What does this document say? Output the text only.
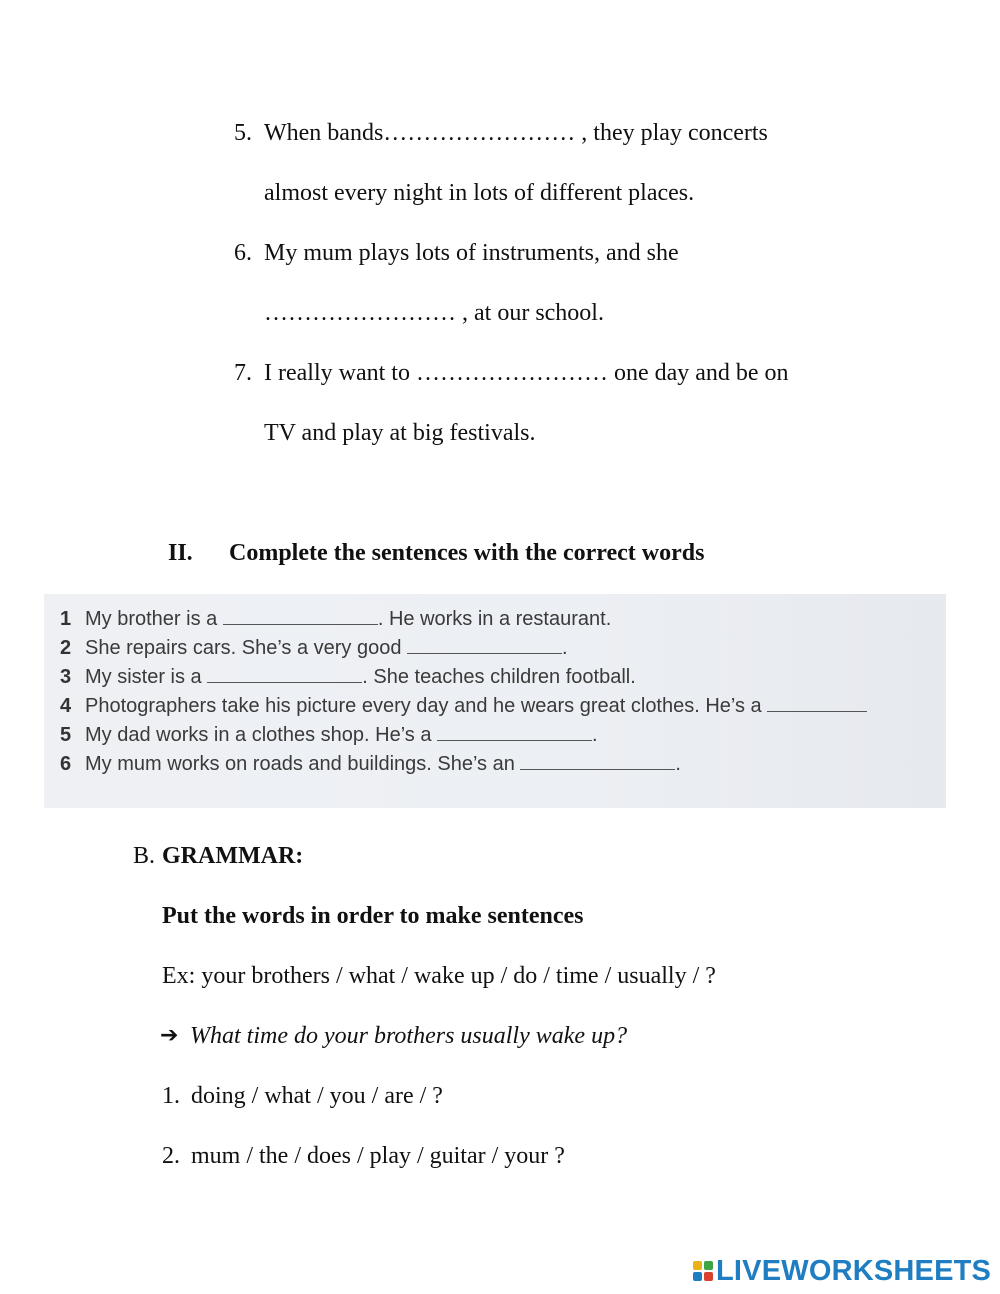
5. When bands…………………… , they play concerts
almost every night in lots of different places.
6. My mum plays lots of instruments, and she
…………………… , at our school.
7. I really want to …………………… one day and be on
TV and play at big festivals.
II. Complete the sentences with the correct words
1 My brother is a	. He works in a restaurant.
2 She repairs cars. She’s a very good	.
3 My sister is a	. She teaches children football.
4 Photographers take his picture every day and he wears great clothes. He’s a
5 My dad works in a clothes shop. He’s a	.
6 My mum works on roads and buildings. She’s an	.
B. GRAMMAR:
Put the words in order to make sentences
Ex: your brothers / what / wake up / do / time / usually / ?
➔ What time do your brothers usually wake up?
1. doing / what / you / are / ?
2. mum / the / does / play / guitar / your ?
LIVEWORKSHEETS
